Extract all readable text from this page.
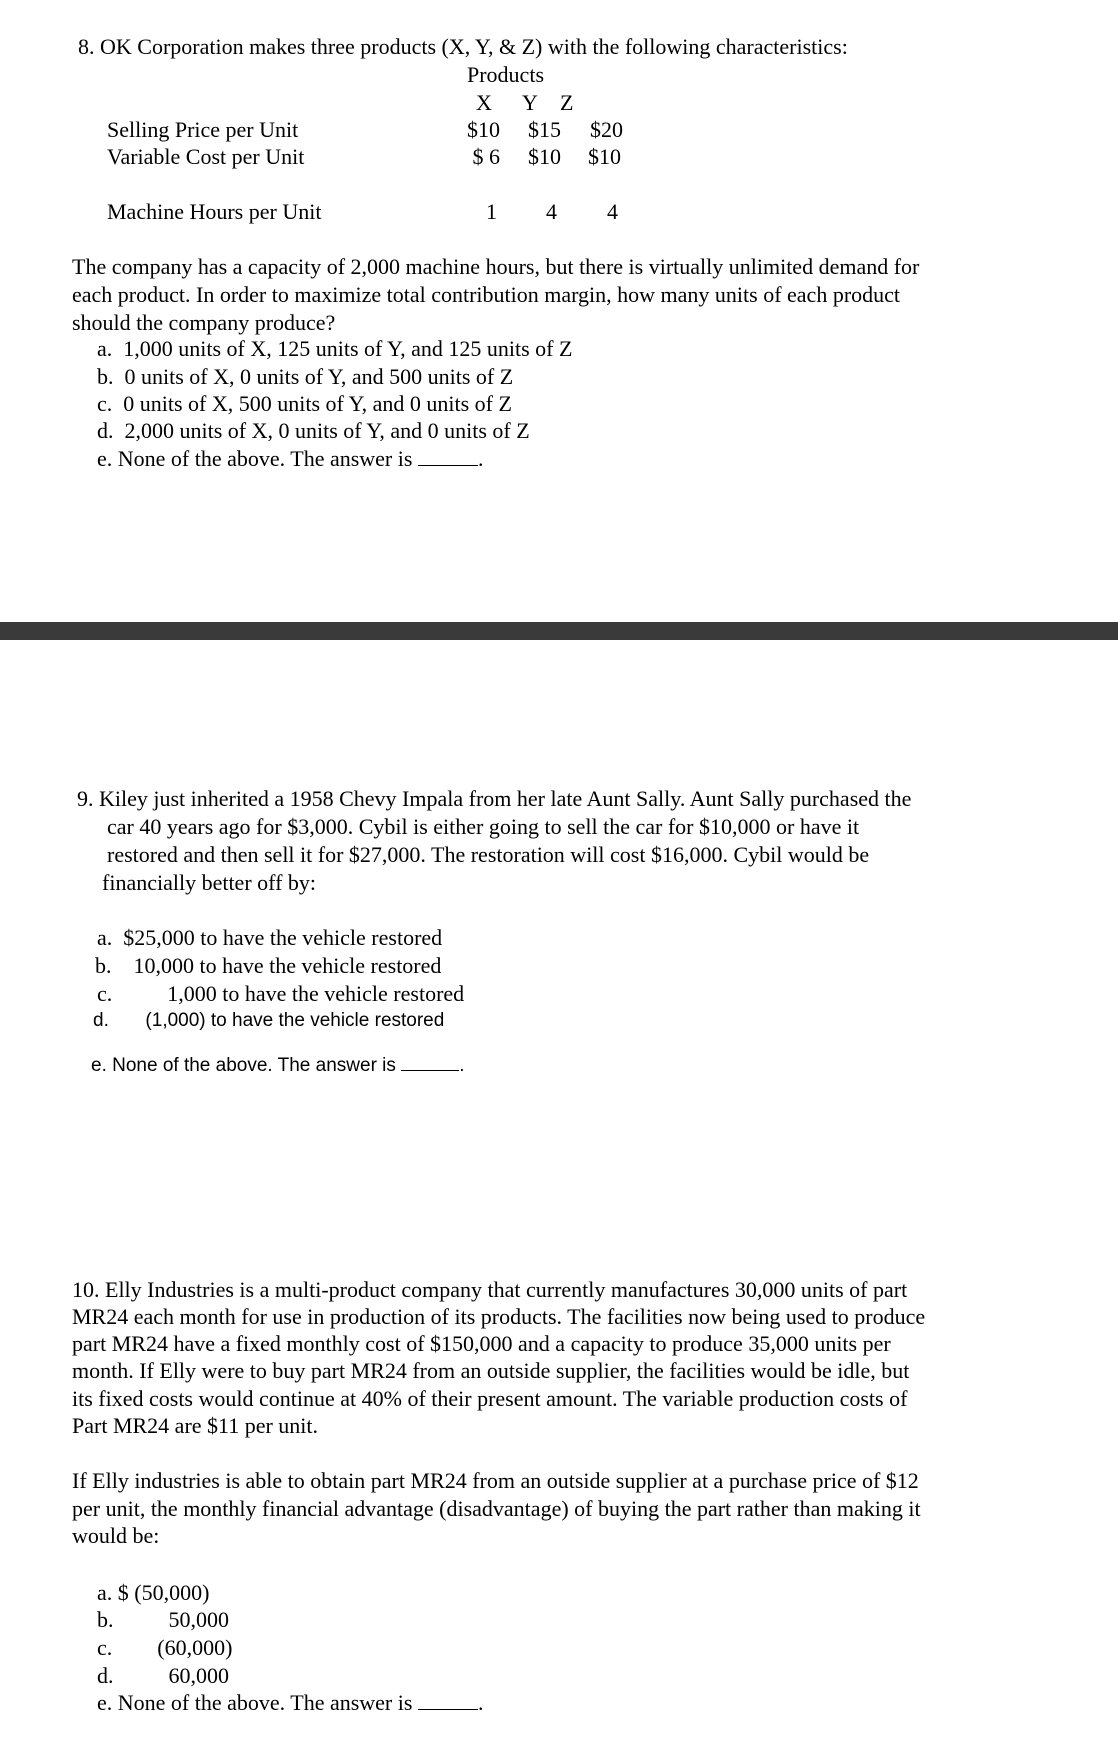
8. OK Corporation makes three products (X, Y, & Z) with the following characteristics:
Products
X Y Z
Selling Price per Unit	$10 $15 $20
Variable Cost per Unit	$ 6 $10 $10
Machine Hours per Unit	1 4 4
The company has a capacity of 2,000 machine hours, but there is virtually unlimited demand for
each product. In order to maximize total contribution margin, how many units of each product
should the company produce?
a. 1,000 units of X, 125 units of Y, and 125 units of Z
b. 0 units of X, 0 units of Y, and 500 units of Z
c. 0 units of X, 500 units of Y, and 0 units of Z
d. 2,000 units of X, 0 units of Y, and 0 units of Z
e. None of the above. The answer is	.
9. Kiley just inherited a 1958 Chevy Impala from her late Aunt Sally. Aunt Sally purchased the
car 40 years ago for $3,000. Cybil is either going to sell the car for $10,000 or have it
restored and then sell it for $27,000. The restoration will cost $16,000. Cybil would be
financially better off by:
a. $25,000 to have the vehicle restored
b. 10,000 to have the vehicle restored
c.	1,000 to have the vehicle restored
d. (1,000) to have the vehicle restored
e. None of the above. The answer is	.
10. Elly Industries is a multi-product company that currently manufactures 30,000 units of part
MR24 each month for use in production of its products. The facilities now being used to produce
part MR24 have a fixed monthly cost of $150,000 and a capacity to produce 35,000 units per
month. If Elly were to buy part MR24 from an outside supplier, the facilities would be idle, but
its fixed costs would continue at 40% of their present amount. The variable production costs of
Part MR24 are $11 per unit.
If Elly industries is able to obtain part MR24 from an outside supplier at a purchase price of $12
per unit, the monthly financial advantage (disadvantage) of buying the part rather than making it
would be:
a. $ (50,000)
b.	50,000
c. (60,000)
d.	60,000
e. None of the above. The answer is	.
